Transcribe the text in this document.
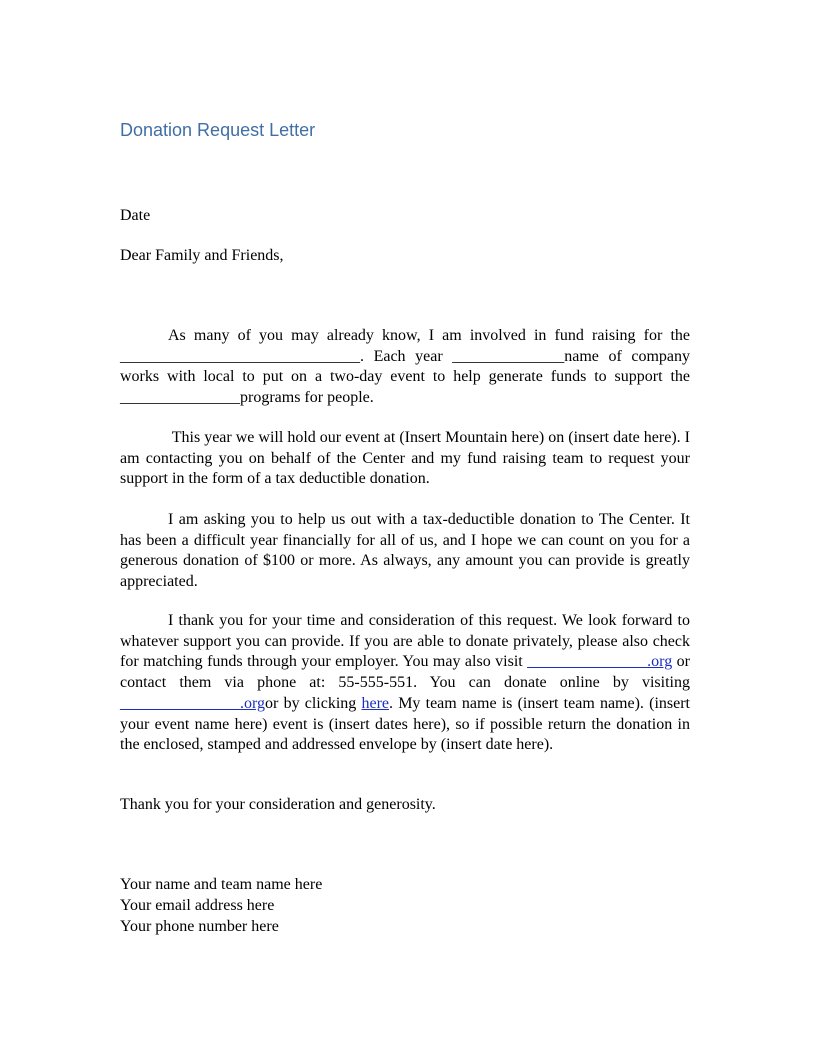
Donation Request Letter
Date
Dear Family and Friends,
As many of you may already know, I am involved in fund raising for the ______________________________. Each year ______________name of company works with local to put on a two-day event to help generate funds to support the _______________programs for people.
This year we will hold our event at (Insert Mountain here) on (insert date here). I am contacting you on behalf of the Center and my fund raising team to request your support in the form of a tax deductible donation.
I am asking you to help us out with a tax-deductible donation to The Center. It has been a difficult year financially for all of us, and I hope we can count on you for a generous donation of $100 or more. As always, any amount you can provide is greatly appreciated.
I thank you for your time and consideration of this request. We look forward to whatever support you can provide. If you are able to donate privately, please also check for matching funds through your employer. You may also visit _______________.org or contact them via phone at: 55-555-551. You can donate online by visiting _______________.orgor by clicking here. My team name is (insert team name). (insert your event name here) event is (insert dates here), so if possible return the donation in the enclosed, stamped and addressed envelope by (insert date here).
Thank you for your consideration and generosity.
Your name and team name here
Your email address here
Your phone number here
